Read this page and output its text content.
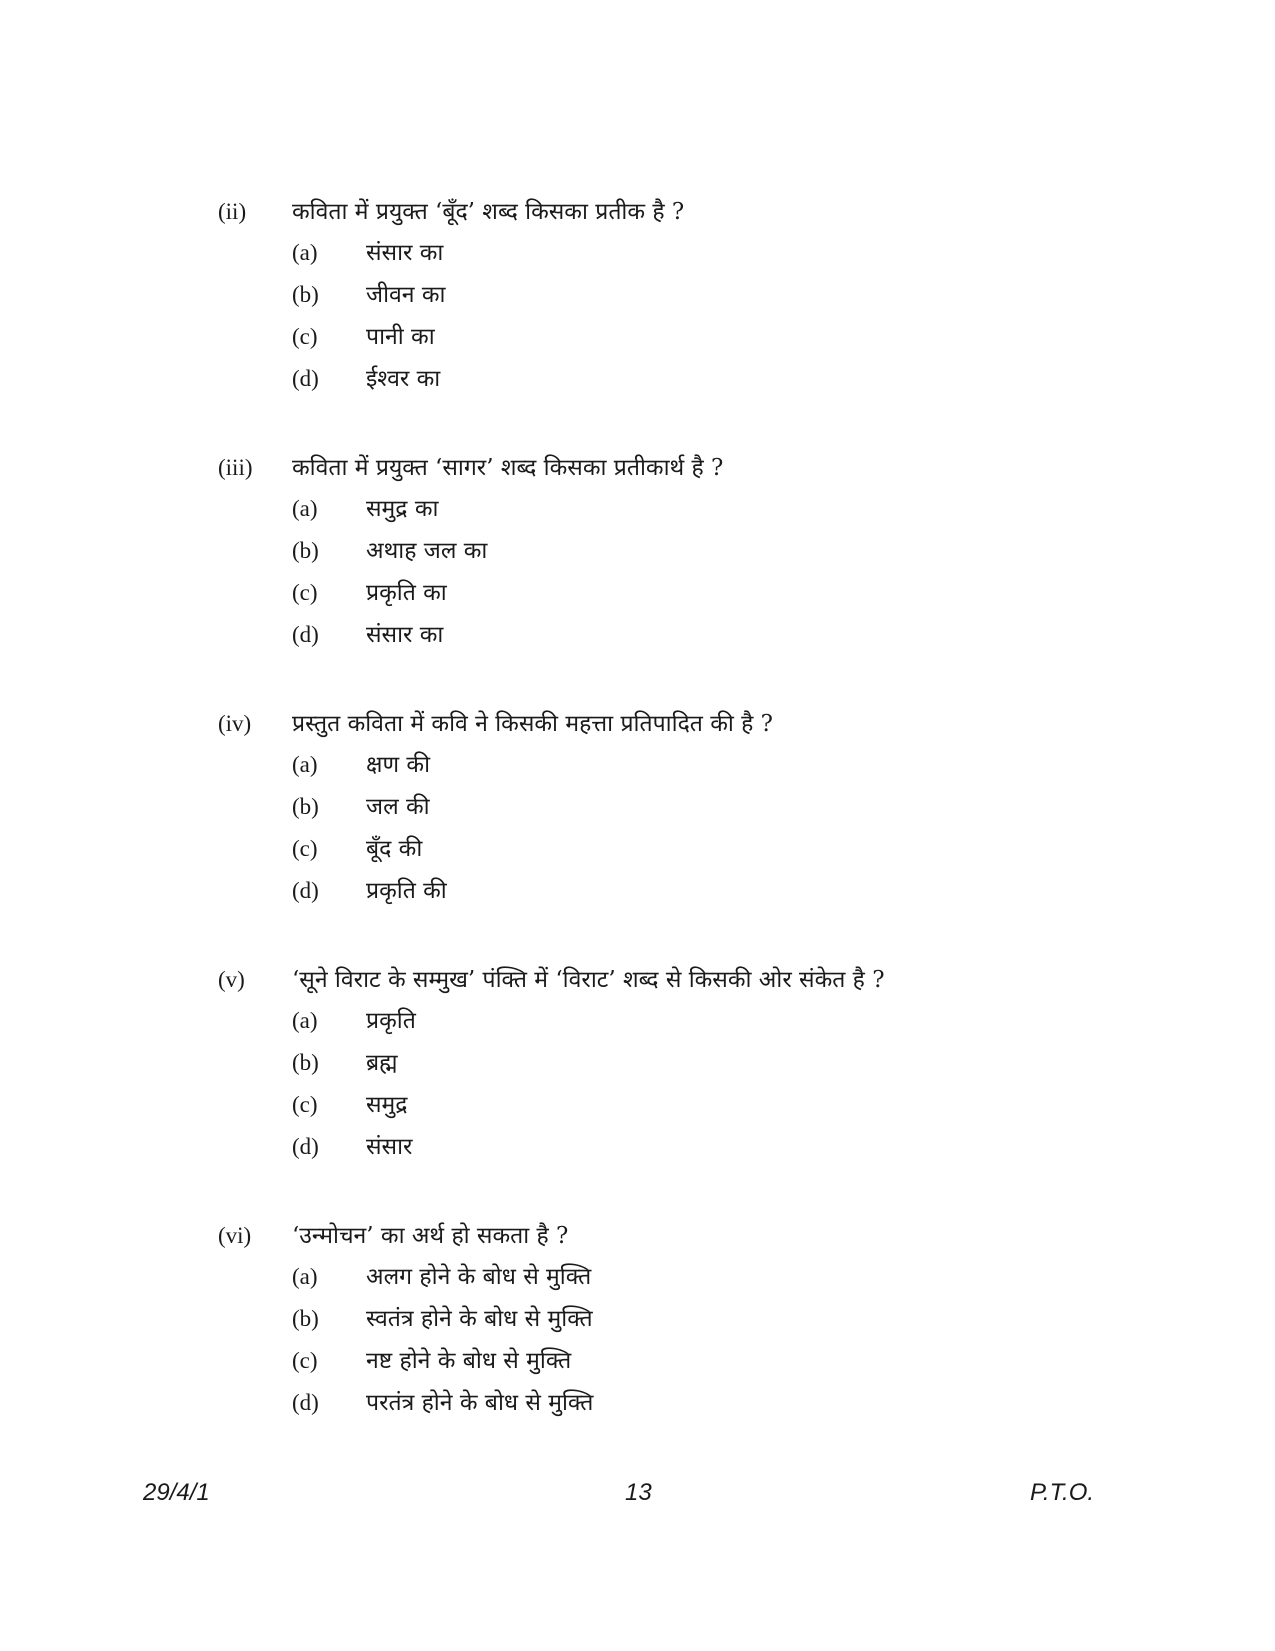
(ii) कविता में प्रयुक्त ‘बूँद’ शब्द किसका प्रतीक है ?
(a) संसार का
(b) जीवन का
(c) पानी का
(d) ईश्वर का
(iii) कविता में प्रयुक्त ‘सागर’ शब्द किसका प्रतीकार्थ है ?
(a) समुद्र का
(b) अथाह जल का
(c) प्रकृति का
(d) संसार का
(iv) प्रस्तुत कविता में कवि ने किसकी महत्ता प्रतिपादित की है ?
(a) क्षण की
(b) जल की
(c) बूँद की
(d) प्रकृति की
(v) ‘सूने विराट के सम्मुख’ पंक्ति में ‘विराट’ शब्द से किसकी ओर संकेत है ?
(a) प्रकृति
(b) ब्रह्म
(c) समुद्र
(d) संसार
(vi) ‘उन्मोचन’ का अर्थ हो सकता है ?
(a) अलग होने के बोध से मुक्ति
(b) स्वतंत्र होने के बोध से मुक्ति
(c) नष्ट होने के बोध से मुक्ति
(d) परतंत्र होने के बोध से मुक्ति
29/4/1	13	P.T.O.
